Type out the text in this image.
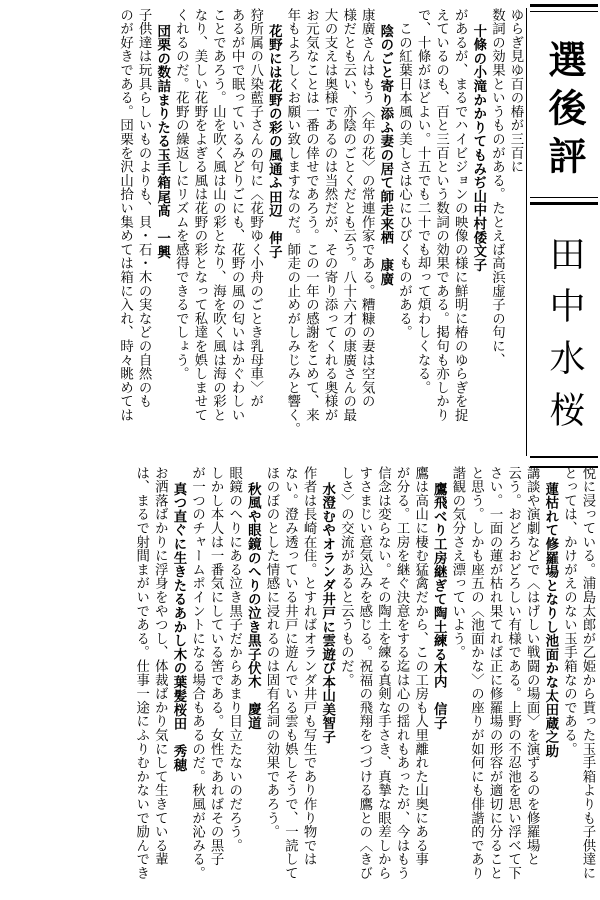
選後評
田中水桜
ゆらぎ見ゆ百の椿が三百に
数詞の効果というものがある。たとえば高浜虚子の句に、
十條の小滝かかりてもみぢ山中村倭文子
があるが、まるでハイビジョンの映像の様に鮮明に椿のゆらぎを捉
えているのも、百と三百という数詞の効果である。掲句も亦しかり
で、十條がほどよい。十五でも二十でも却って煩わしくなる。
　この紅葉日本風の美しさは心にひびくものがある。
陰のごと寄り添ふ妻の居て師走来栖　康廣
康廣さんはもう〈年の花〉の常連作家である。糟糠の妻は空気の
様だとも云い、亦陰のごとくだとも云う。八十六才の康廣さんの最
大の支えは奥様であるのは当然だが、その寄り添ってくれる奥様が
お元気なことは一番の倖せであろう。この一年の感謝をこめて、来
年もよろしくお願い致しますなのだ。師走の止めがしみじみと響く。
花野には花野の彩の風通ふ田辺　伸子
狩所属の八染藍子さんの句に〈花野ゆく小舟のごとき乳母車〉が
あるが中で眠っているみどりごにも、花野の風の匂いはかぐわしい
ことであろう。山を吹く風は山の彩となり、海を吹く風は海の彩と
なり、美しい花野をよぎる風は花野の彩となって私達を娯しませて
くれるのだ。花野の繰返しにリズムを感得できるでしょう。
団栗の数詰まりたる玉手箱尾髙　一興
子供達は玩具らしいものよりも、貝・石・木の実などの自然のも
のが好きである。団栗を沢山拾い集めては箱に入れ、時々眺めては
悦に浸っている。浦島太郎が乙姫から貰った玉手箱よりも子供達に
とっては、かけがえのない玉手箱なのである。
蓮枯れて修羅場となりし池面かな太田蔵之助
講談や演劇などで〈はげしい戦闘の場面〉を演ずるのを修羅場と
云う。おどろおどろしい有様である。上野の不忍池を思い浮べて下
さい。一面の蓮が枯れ果てれば正に修羅場の形容が適切に分ること
と思う。しかも座五の〈池面かな〉の座りが如何にも俳諧的であり
諧観の気分さえ漂っていよう。
鷹飛べり工房継ぎて陶土練る木内　信子
鷹は高山に棲む猛禽だから、この工房も人里離れた山奥にある事
が分る。工房を継ぐ決意をする迄は心の揺れもあったが、今はもう
信念は変らない。その陶土を練る真剣な手さき、真摯な眼差しから
すさまじい意気込みを感じる。祝福の飛翔をつづける鷹との〈きび
しさ〉の交流があると云うものだ。
水澄むやオランダ井戸に雲遊び本山美智子
作者は長崎在住。とすればオランダ井戸も写生であり作り物では
ない。澄み透っている井戸に遊んでいる雲も娯しそうで、一読して
ほのぼのとした情感に浸れるのは固有名詞の効果であろう。
秋風や眼鏡のへりの泣き黒子伏木　慶道
眼鏡のへりにある泣き黒子だからあまり目立たないのだろう。
しかし本人は一番気にしている筈である。女性であればその黒子
が一つのチャームポイントになる場合もあるのだ。秋風が沁みる。
真つ直ぐに生きたるあかし木の葉髪桜田　秀穂
お洒落ばかりに浮身をやつし、体裁ばかり気にして生きている輩
は、まるで射間まがいである。仕事一途にふりむかないで励んでき
